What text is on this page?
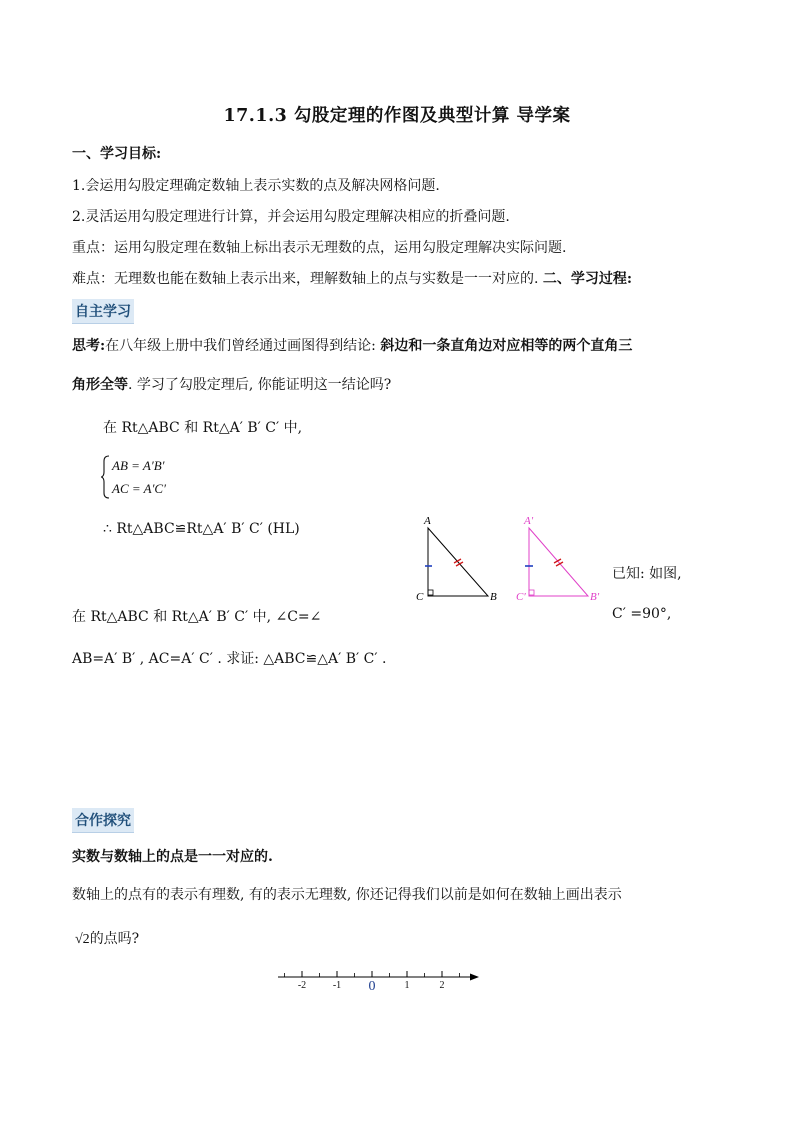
17.1.3 勾股定理的作图及典型计算 导学案
一、学习目标:
1.会运用勾股定理确定数轴上表示实数的点及解决网格问题.
2.灵活运用勾股定理进行计算，并会运用勾股定理解决相应的折叠问题.
重点：运用勾股定理在数轴上标出表示无理数的点，运用勾股定理解决实际问题.
难点：无理数也能在数轴上表示出来，理解数轴上的点与实数是一一对应的. 二、学习过程:
自主学习
思考:在八年级上册中我们曾经通过画图得到结论: 斜边和一条直角边对应相等的两个直角三
角形全等. 学习了勾股定理后, 你能证明这一结论吗?
在 Rt△ABC 和 Rt△A′ B′ C′ 中,
AB = A′B′
AC = A′C′
∴ Rt△ABC≌Rt△A′ B′ C′ (HL)	A
C	B
A′
C′	B′
已知: 如图,
在 Rt△ABC 和 Rt△A′ B′ C′ 中, ∠C=∠	C′ =90°,
AB=A′ B′ , AC=A′ C′ . 求证: △ABC≌△A′ B′ C′ .
合作探究
实数与数轴上的点是一一对应的.
数轴上的点有的表示有理数, 有的表示无理数, 你还记得我们以前是如何在数轴上画出表示
√2的点吗?
-2	-1 0	1	2
